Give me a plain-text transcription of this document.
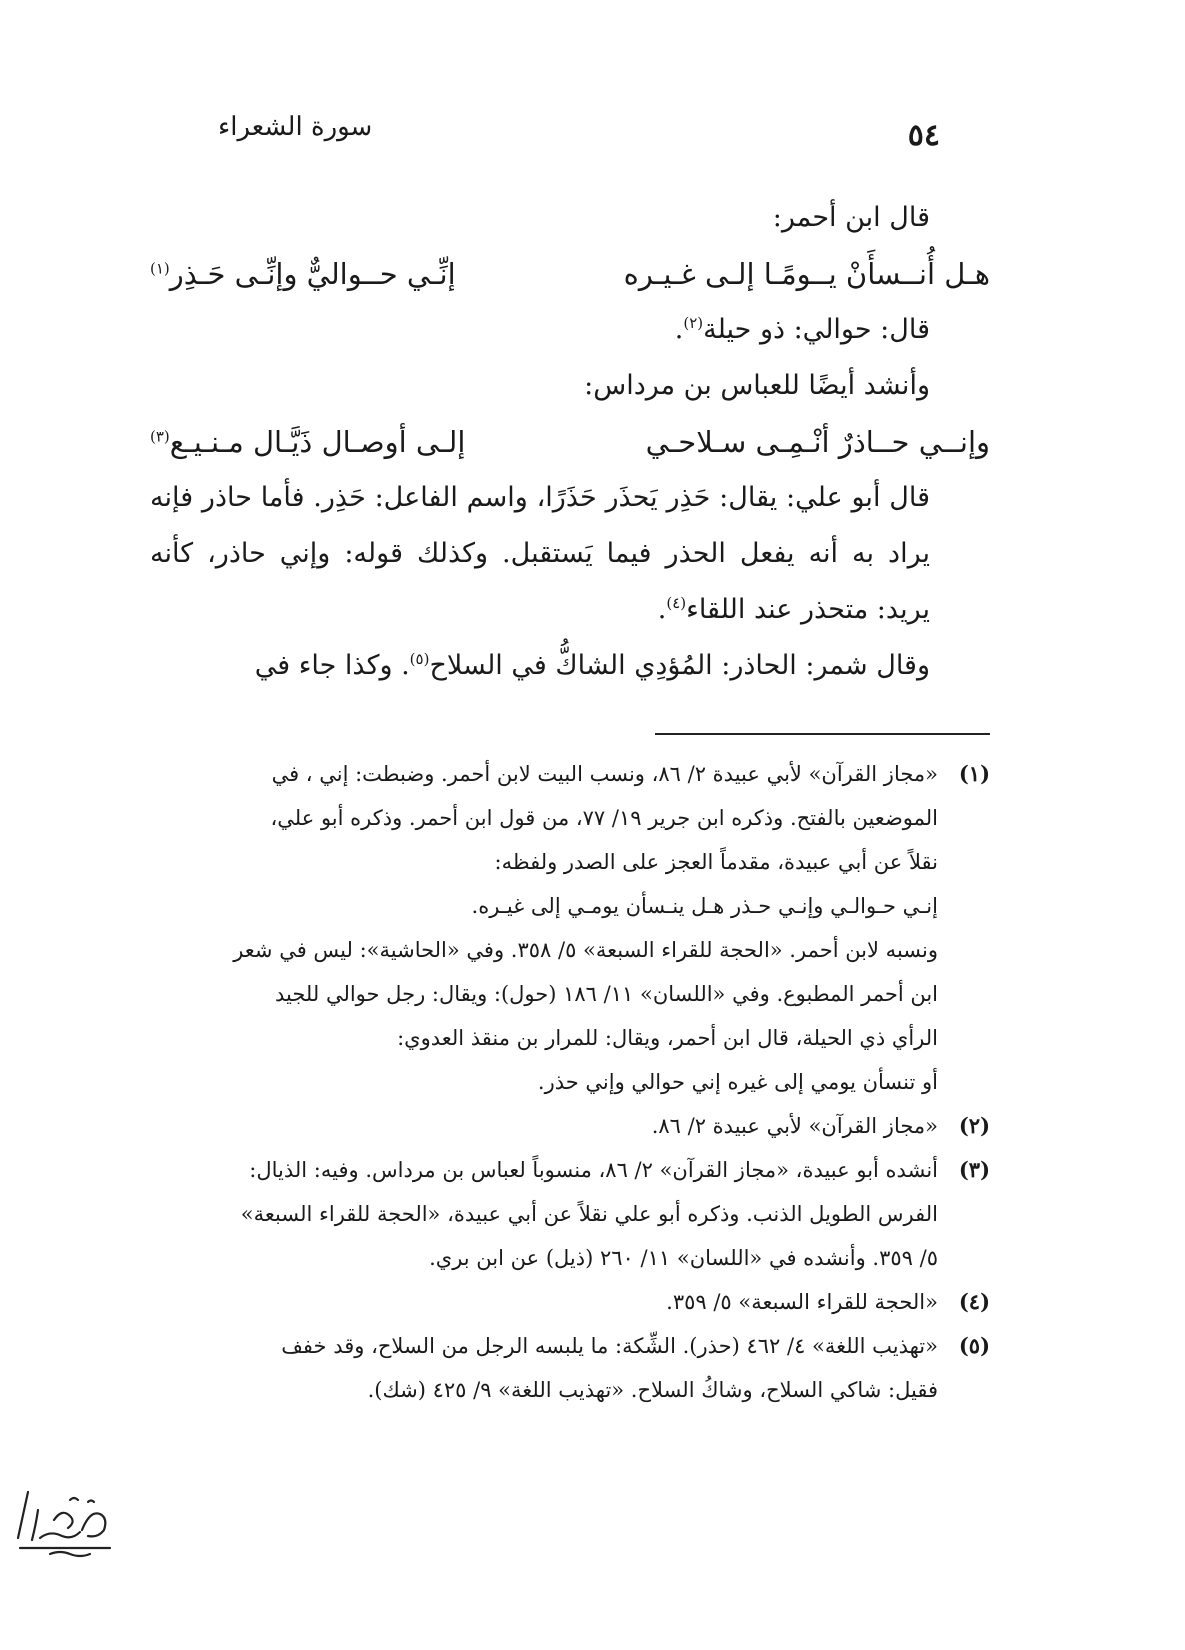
سورة الشعراء	٥٤
قال ابن أحمر:
هـل أُنــسأَنْ يــومًـا إلـى غـيـره
إنِّـي حــواليٌّ وإنِّـى حَـذِر$^{(١)}$
قال: حوالي: ذو حيلة$^{(٢)}$.
وأنشد أيضًا للعباس بن مرداس:
وإنــي حــاذرٌ أنْـمِـى سـلاحـي
إلـى أوصـال ذَيَّـال مـنـيـع$^{(٣)}$
قال أبو علي: يقال: حَذِر يَحذَر حَذَرًا، واسم الفاعل: حَذِر. فأما حاذر فإنه يراد به أنه يفعل الحذر فيما يَستقبل. وكذلك قوله: وإني حاذر، كأنه يريد: متحذر عند اللقاء$^{(٤)}$.
وقال شمر: الحاذر: المُؤدِي الشاكُّ في السلاح$^{(٥)}$. وكذا جاء في
(١)
«مجاز القرآن» لأبي عبيدة ٢/ ٨٦، ونسب البيت لابن أحمر. وضبطت: إني ، في
الموضعين بالفتح. وذكره ابن جرير ١٩/ ٧٧، من قول ابن أحمر. وذكره أبو علي،
نقلاً عن أبي عبيدة، مقدماً العجز على الصدر ولفظه:
إنـي حـوالـي وإنـي حـذر هـل ينـسأن يومـي إلى غيـره.
ونسبه لابن أحمر. «الحجة للقراء السبعة» ٥/ ٣٥٨. وفي «الحاشية»: ليس في شعر
ابن أحمر المطبوع. وفي «اللسان» ١١/ ١٨٦ (حول): ويقال: رجل حوالي للجيد
الرأي ذي الحيلة، قال ابن أحمر، ويقال: للمرار بن منقذ العدوي:
أو تنسأن يومي إلى غيره إني حوالي وإني حذر.
(٢)
«مجاز القرآن» لأبي عبيدة ٢/ ٨٦.
(٣)
أنشده أبو عبيدة، «مجاز القرآن» ٢/ ٨٦، منسوباً لعباس بن مرداس. وفيه: الذيال:
الفرس الطويل الذنب. وذكره أبو علي نقلاً عن أبي عبيدة، «الحجة للقراء السبعة»
٥/ ٣٥٩. وأنشده في «اللسان» ١١/ ٢٦٠ (ذيل) عن ابن بري.
(٤)
«الحجة للقراء السبعة» ٥/ ٣٥٩.
(٥)
«تهذيب اللغة» ٤/ ٤٦٢ (حذر). الشِّكة: ما يلبسه الرجل من السلاح، وقد خفف
فقيل: شاكي السلاح، وشاكُ السلاح. «تهذيب اللغة» ٩/ ٤٢٥ (شك).
